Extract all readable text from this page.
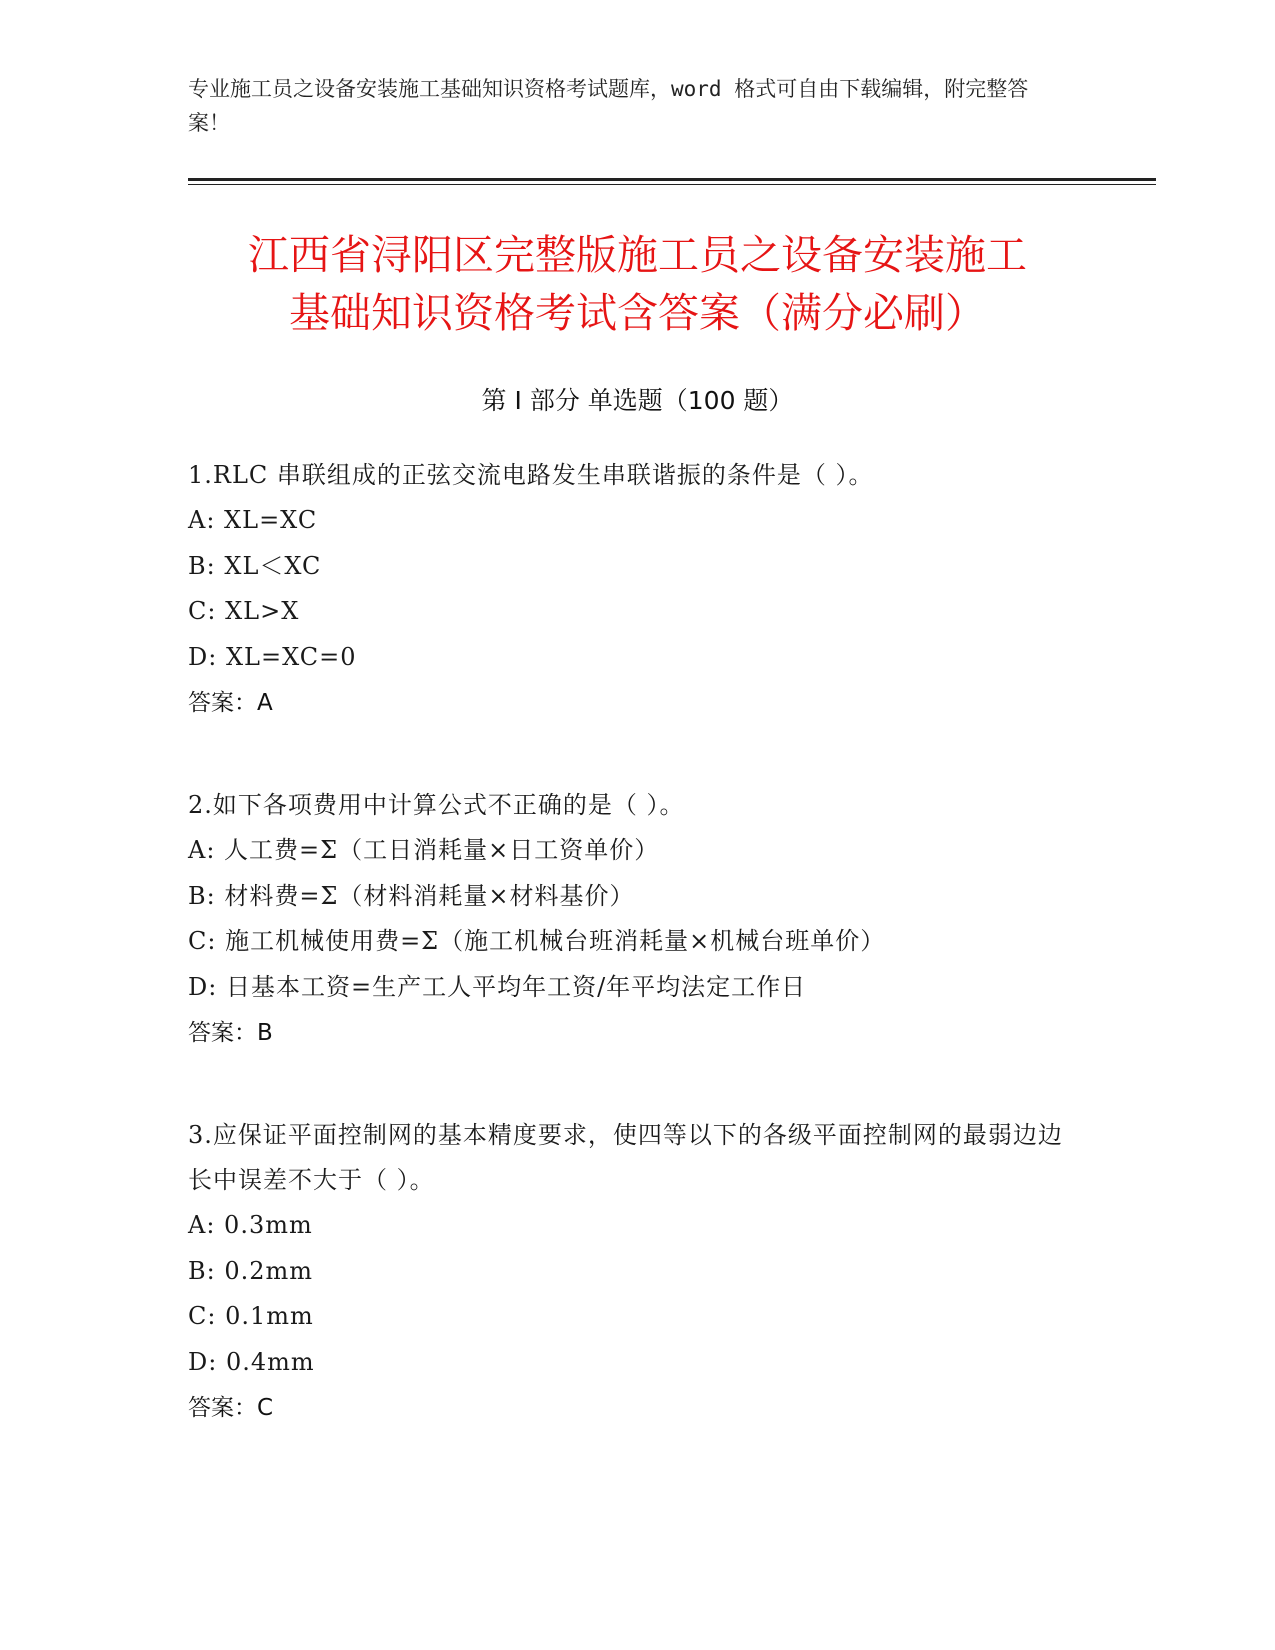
专业施工员之设备安装施工基础知识资格考试题库，word 格式可自由下载编辑，附完整答案！
江西省浔阳区完整版施工员之设备安装施工
基础知识资格考试含答案（满分必刷）
第 I 部分 单选题（100 题）

1.RLC 串联组成的正弦交流电路发生串联谐振的条件是（ ）。

A: XL=XC

B: XL＜XC

C: XL>X

D: XL=XC=0

答案：A

2.如下各项费用中计算公式不正确的是（ ）。

A: 人工费=Σ（工日消耗量×日工资单价）

B: 材料费=Σ（材料消耗量×材料基价）

C: 施工机械使用费=Σ（施工机械台班消耗量×机械台班单价）

D: 日基本工资=生产工人平均年工资/年平均法定工作日

答案：B

3.应保证平面控制网的基本精度要求，使四等以下的各级平面控制网的最弱边边长中误差不大于（ ）。

A: 0.3mm

B: 0.2mm

C: 0.1mm

D: 0.4mm

答案：C
